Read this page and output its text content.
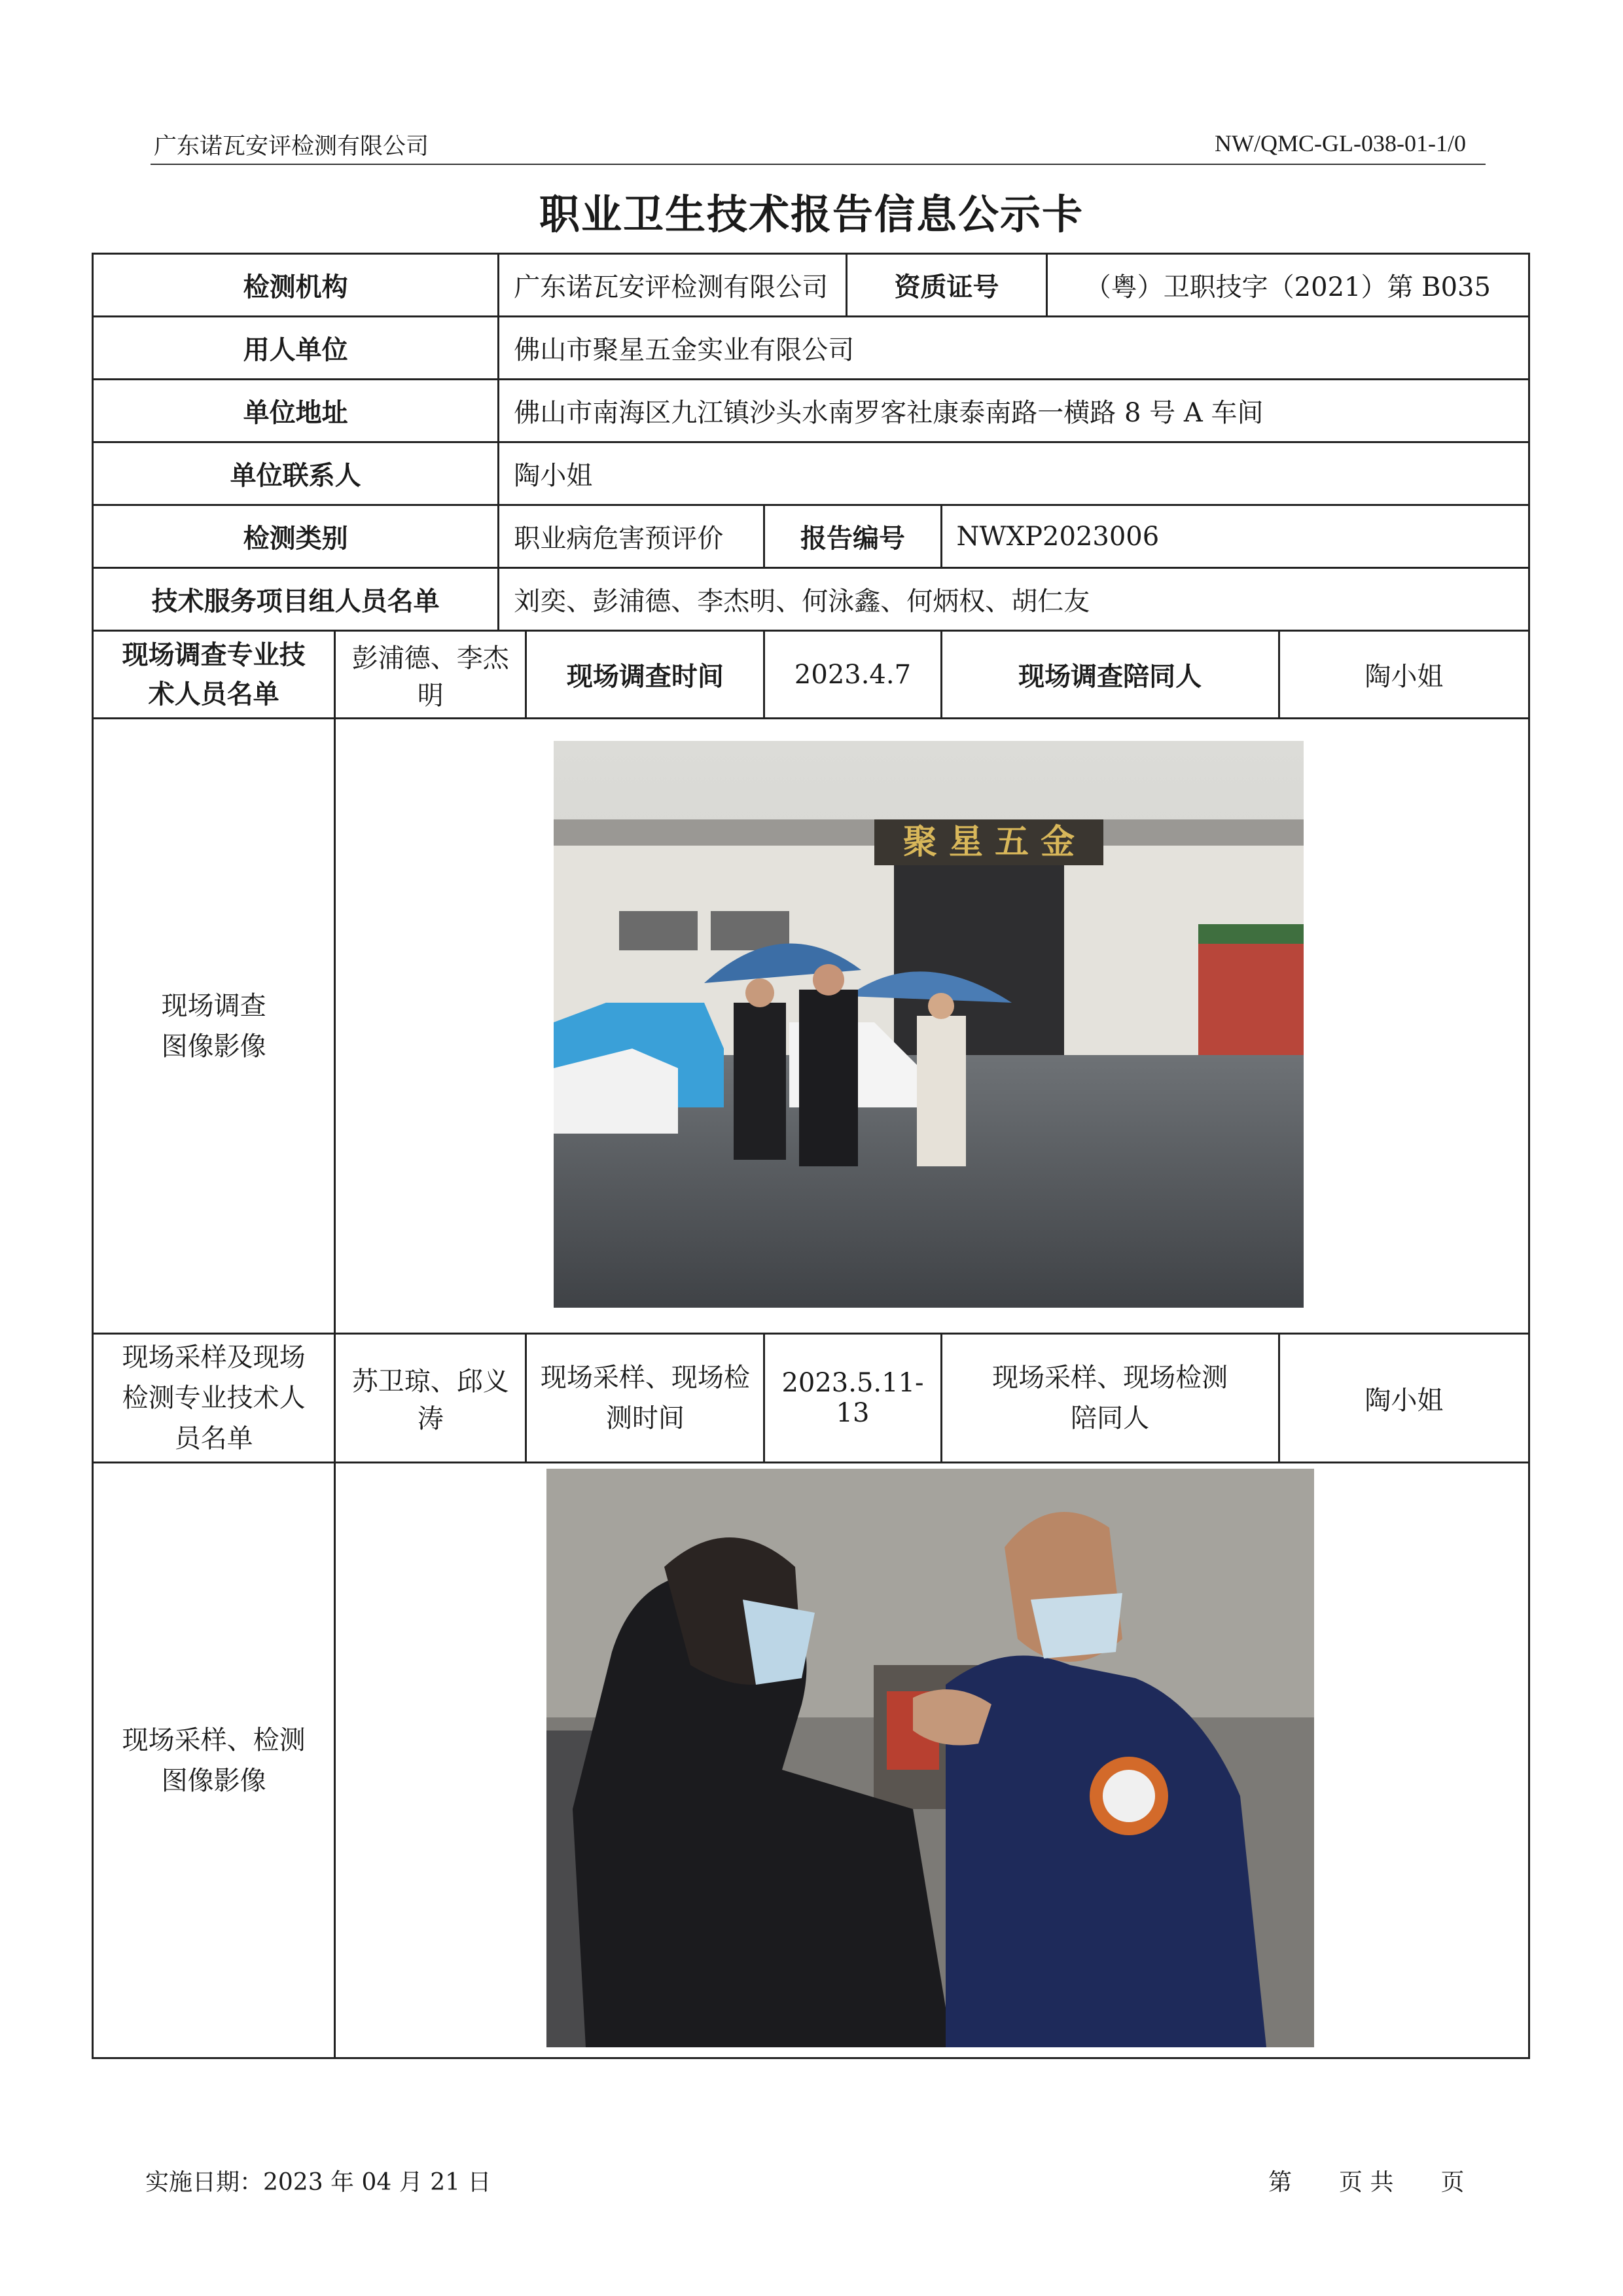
广东诺瓦安评检测有限公司	NW/QMC-GL-038-01-1/0
职业卫生技术报告信息公示卡
检测机构		广东诺瓦安评检测有限公司			资质证号		（粤）卫职技字（2021）第 B035	
用人单位		佛山市聚星五金实业有限公司						
单位地址		佛山市南海区九江镇沙头水南罗客社康泰南路一横路 8 号 A 车间						
单位联系人		陶小姐						
检测类别		职业病危害预评价		报告编号		NWXP2023006		
技术服务项目组人员名单		刘奕、彭浦德、李杰明、何泳鑫、何炳权、胡仁友						
现场调查专业技
术人员名单	彭浦德、李杰明		现场调查时间	2023.4.7		现场调查陪同人		陶小姐
现场调查
图像影像	聚 星 五 金							

现场采样及现场
检测专业技术人
员名单	苏卫琼、邱义涛		现场采样、现场检
测时间	2023.5.11-13		现场采样、现场检测
陪同人		陶小姐
现场采样、检测
图像影像	
实施日期：2023 年 04 月 21 日	第　　页 共　　页
